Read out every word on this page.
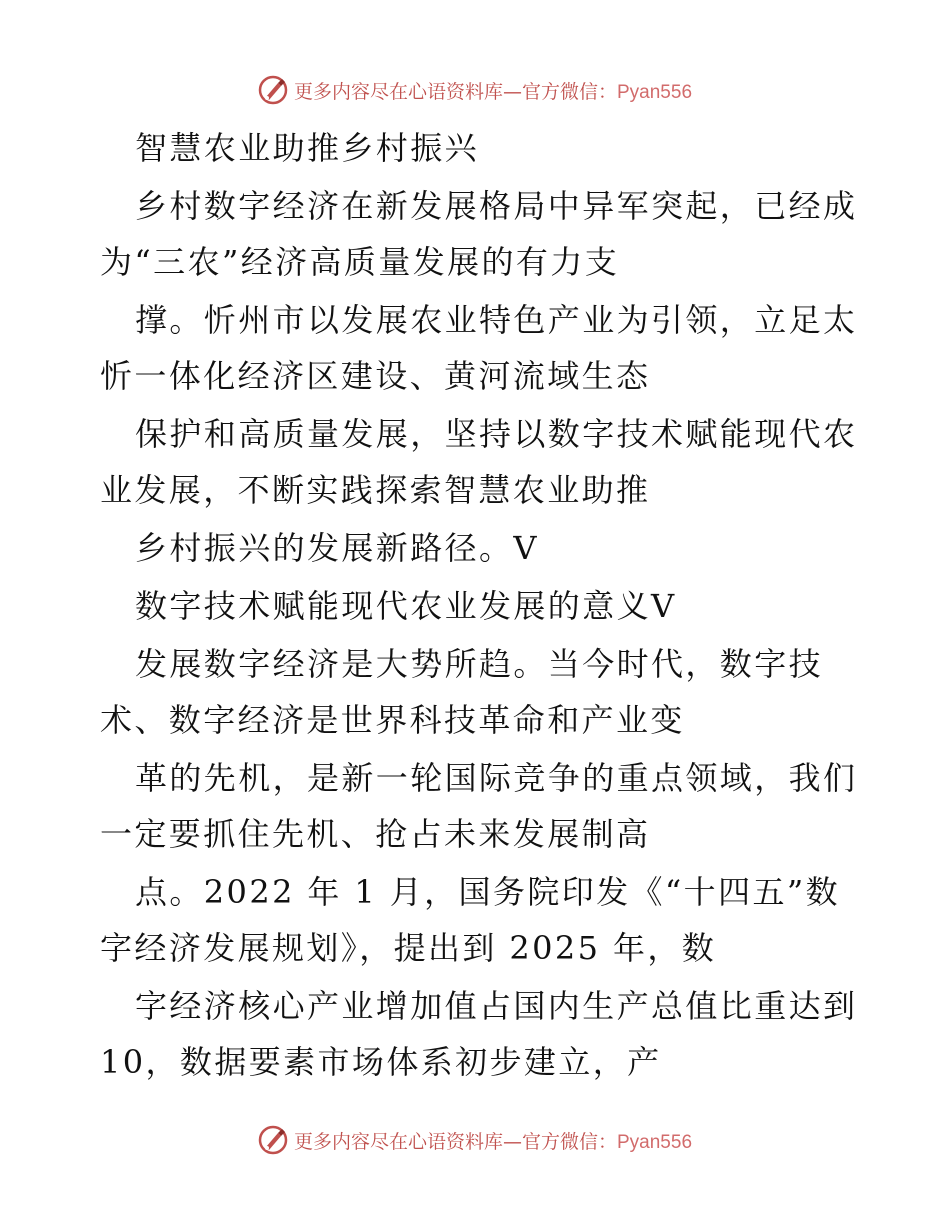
更多内容尽在心语资料库—官方微信：Pyan556
智慧农业助推乡村振兴
乡村数字经济在新发展格局中异军突起，已经成
为“三农”经济高质量发展的有力支
撑。忻州市以发展农业特色产业为引领，立足太
忻一体化经济区建设、黄河流域生态
保护和高质量发展，坚持以数字技术赋能现代农
业发展，不断实践探索智慧农业助推
乡村振兴的发展新路径。V
数字技术赋能现代农业发展的意义V
发展数字经济是大势所趋。当今时代，数字技
术、数字经济是世界科技革命和产业变
革的先机，是新一轮国际竞争的重点领域，我们
一定要抓住先机、抢占未来发展制高
点。2022 年 1 月，国务院印发《“十四五”数
字经济发展规划》，提出到 2025 年，数
字经济核心产业增加值占国内生产总值比重达到
10，数据要素市场体系初步建立，产
更多内容尽在心语资料库—官方微信：Pyan556
